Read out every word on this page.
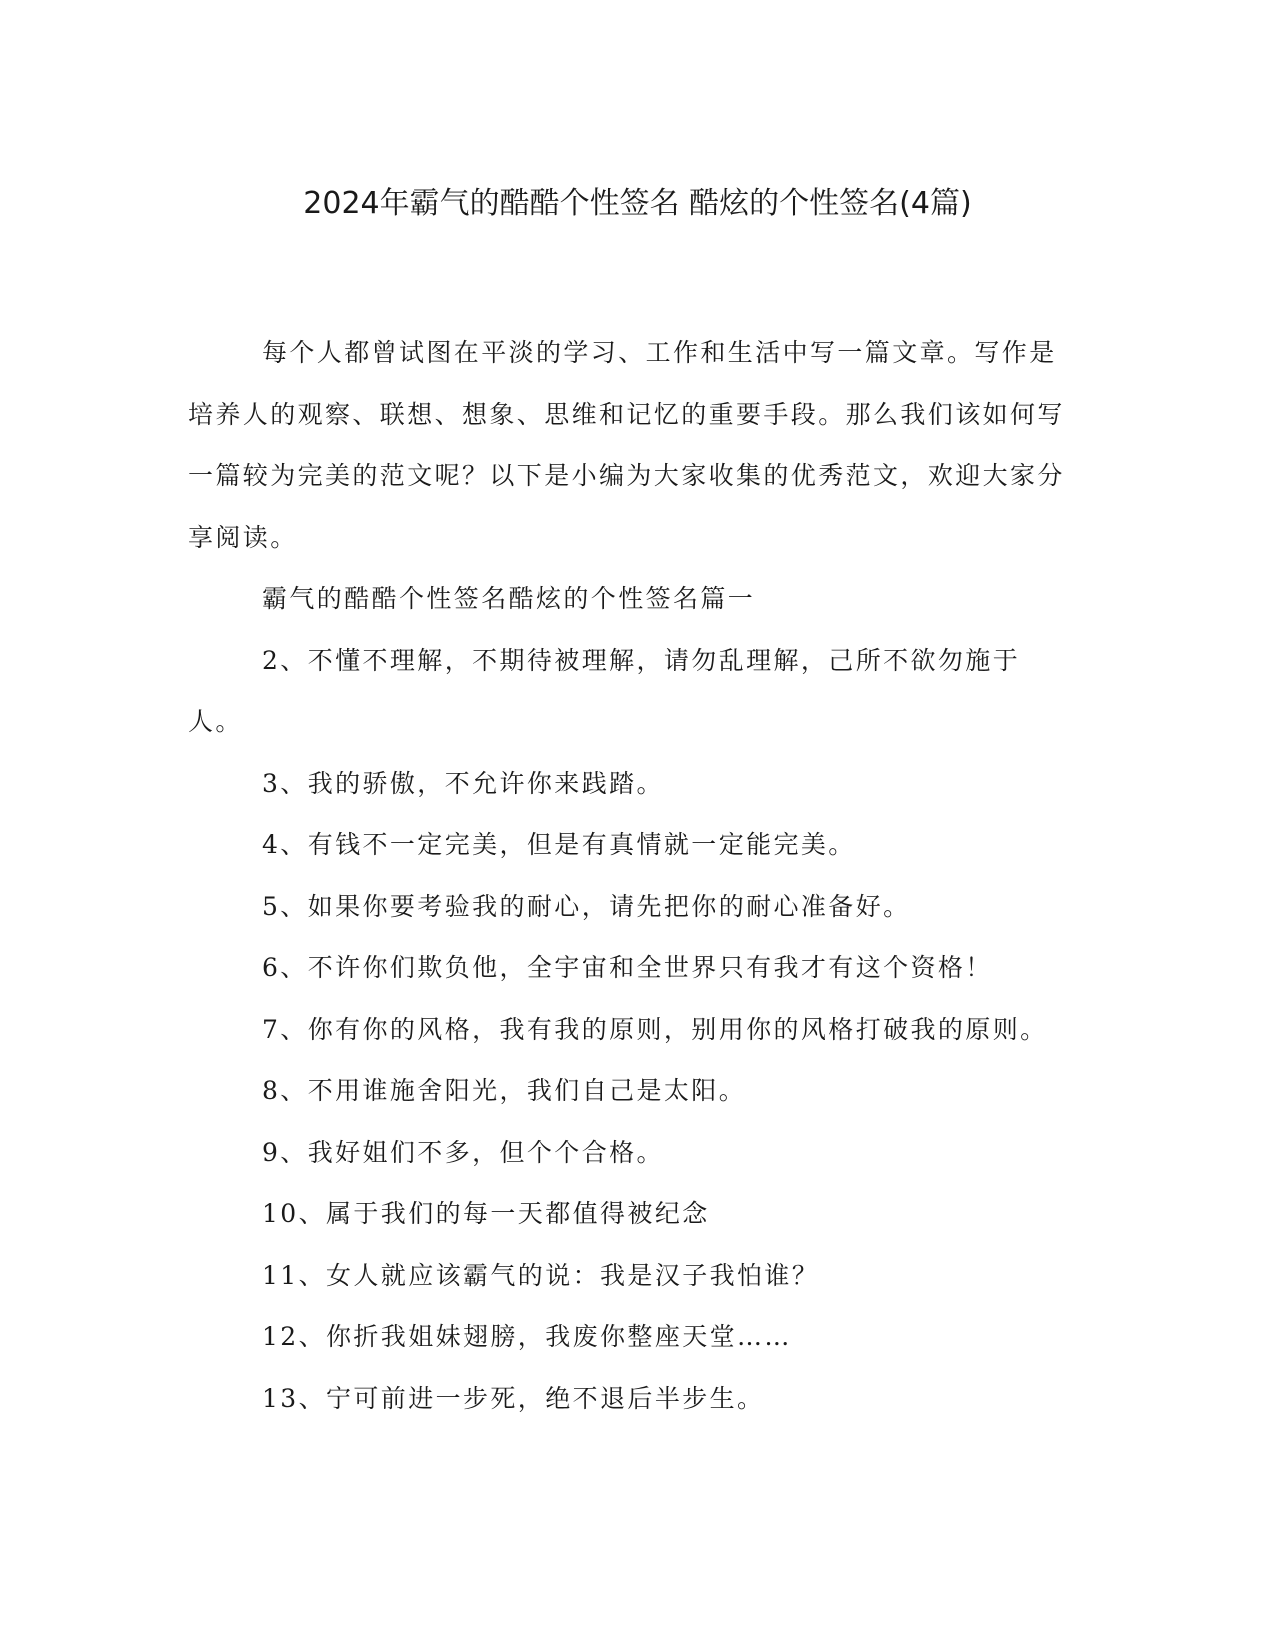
2024年霸气的酷酷个性签名 酷炫的个性签名(4篇)

每个人都曾试图在平淡的学习、工作和生活中写一篇文章。写作是培养人的观察、联想、想象、思维和记忆的重要手段。那么我们该如何写一篇较为完美的范文呢？以下是小编为大家收集的优秀范文，欢迎大家分享阅读。

霸气的酷酷个性签名酷炫的个性签名篇一

2、不懂不理解，不期待被理解，请勿乱理解，己所不欲勿施于人。

3、我的骄傲，不允许你来践踏。

4、有钱不一定完美，但是有真情就一定能完美。

5、如果你要考验我的耐心，请先把你的耐心准备好。

6、不许你们欺负他，全宇宙和全世界只有我才有这个资格！

7、你有你的风格，我有我的原则，别用你的风格打破我的原则。

8、不用谁施舍阳光，我们自己是太阳。

9、我好姐们不多，但个个合格。

10、属于我们的每一天都值得被纪念

11、女人就应该霸气的说：我是汉子我怕谁？

12、你折我姐妹翅膀，我废你整座天堂……

13、宁可前进一步死，绝不退后半步生。
